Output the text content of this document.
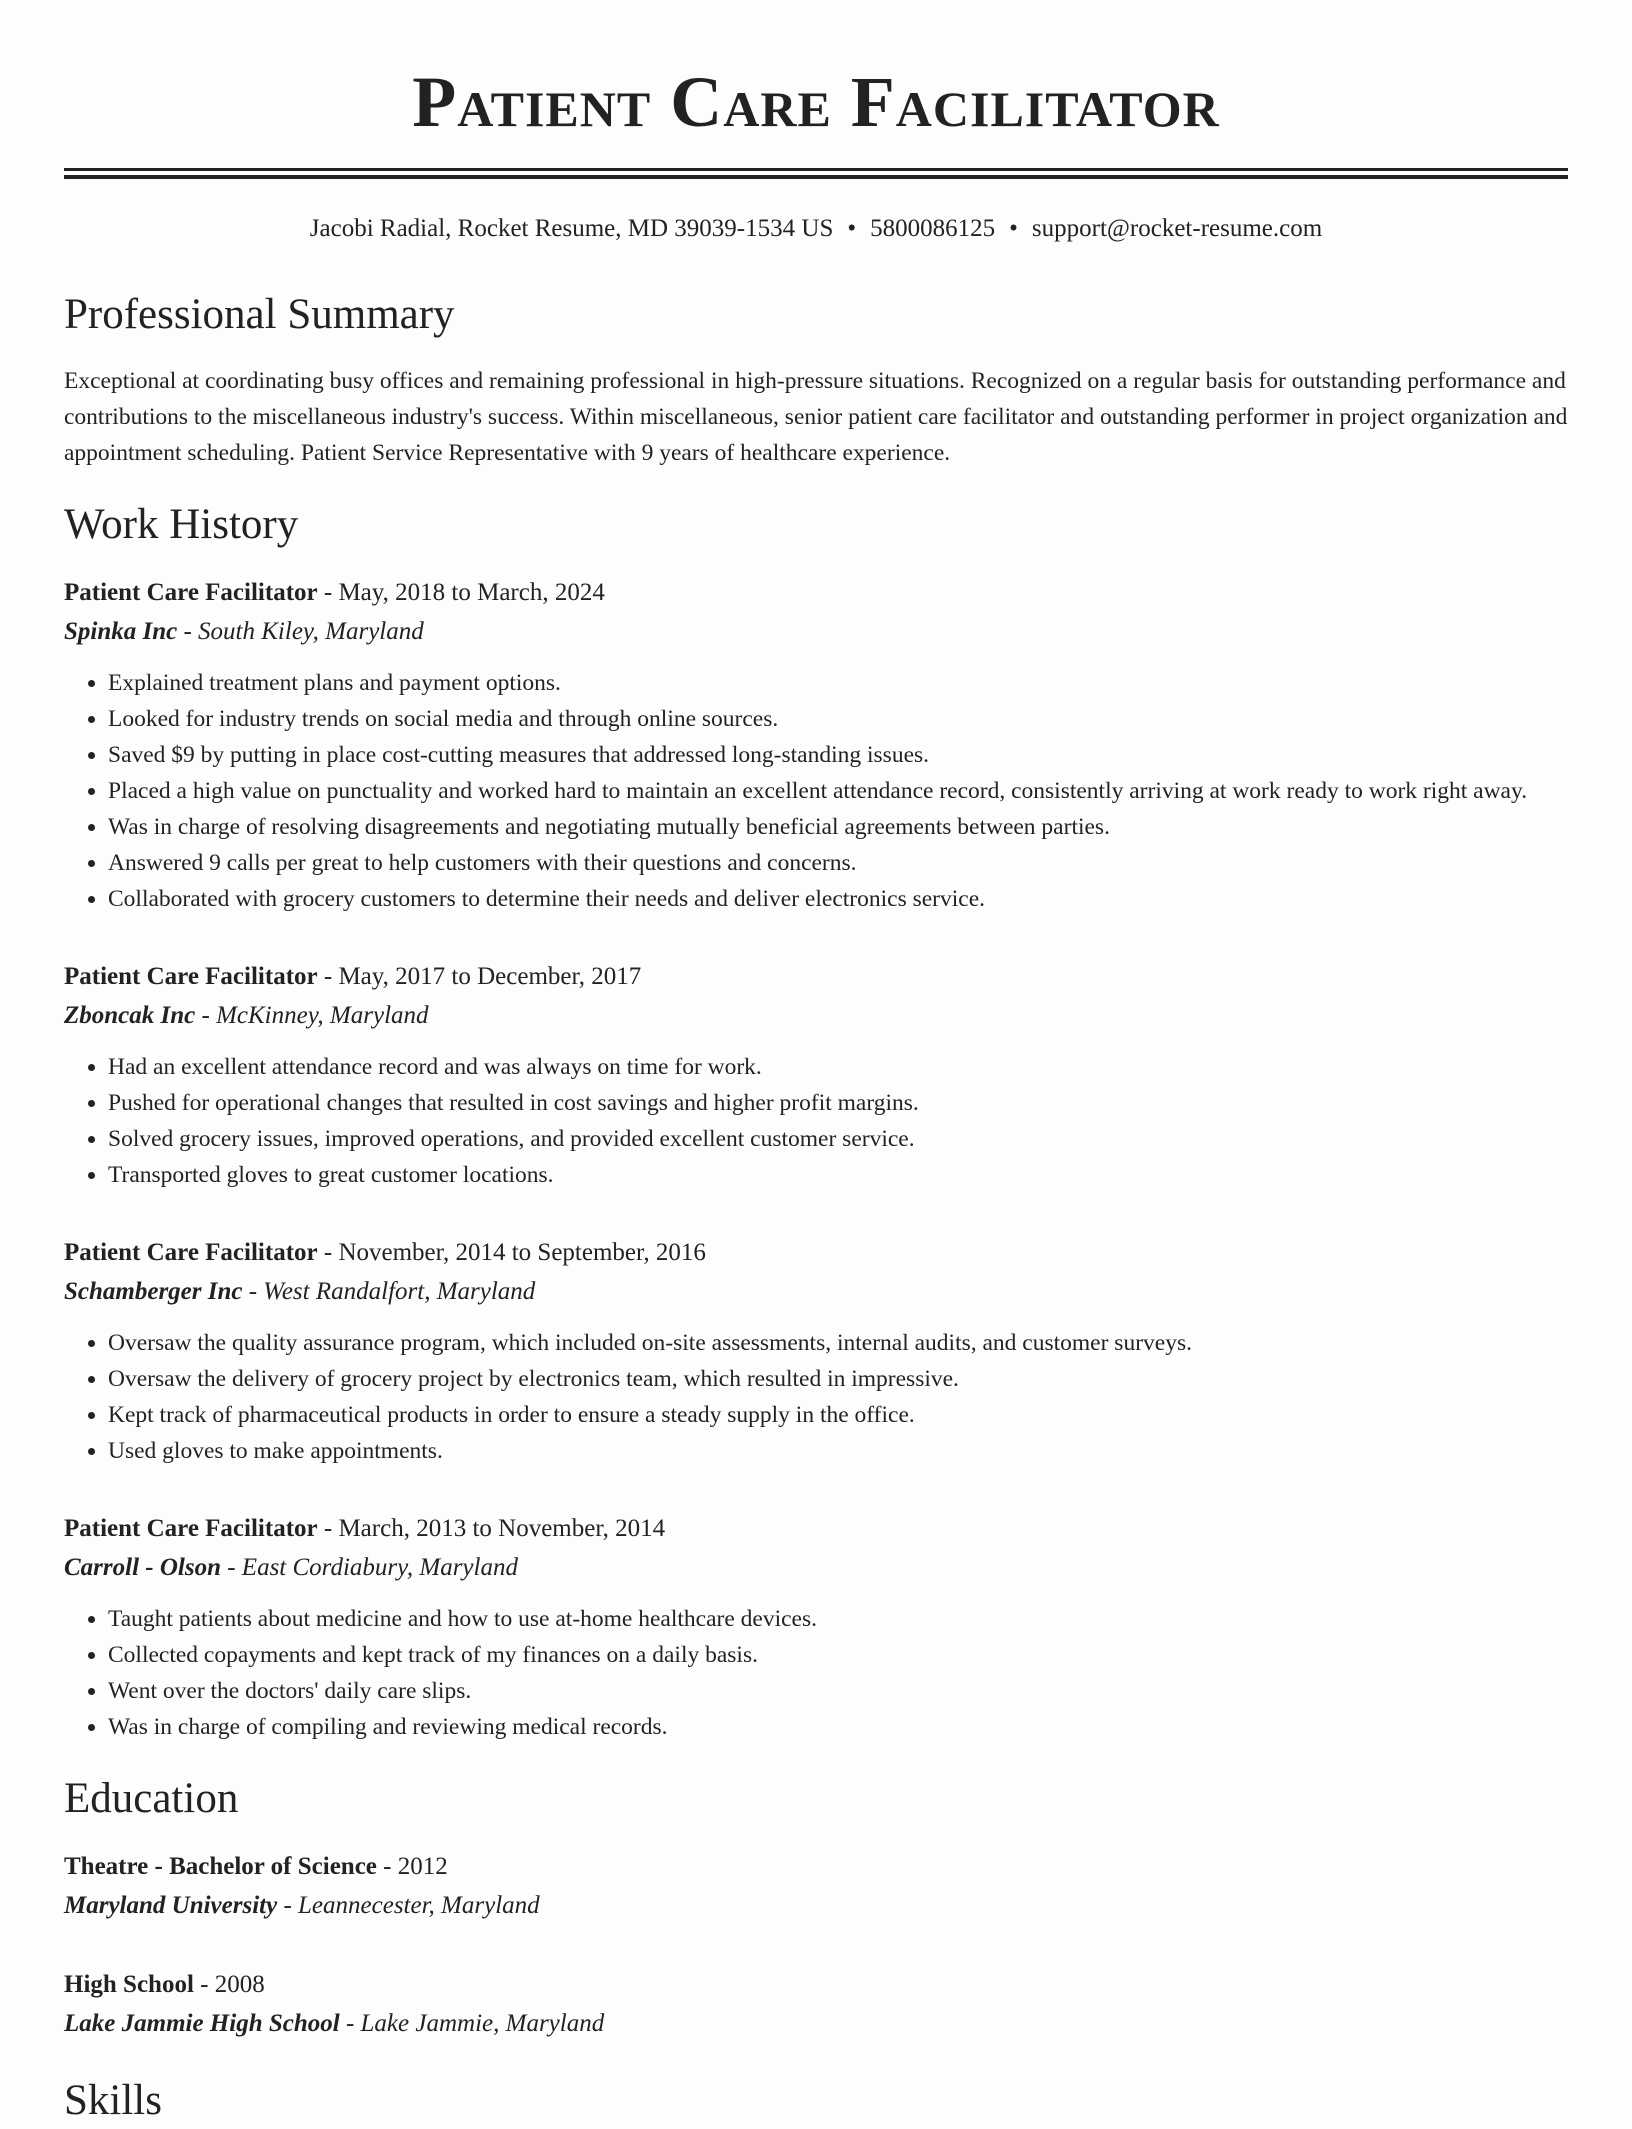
Patient Care Facilitator
Jacobi Radial, Rocket Resume, MD 39039-1534 US • 5800086125 • support@rocket-resume.com
Professional Summary

Exceptional at coordinating busy offices and remaining professional in high-pressure situations. Recognized on a regular basis for outstanding performance and contributions to the miscellaneous industry's success. Within miscellaneous, senior patient care facilitator and outstanding performer in project organization and appointment scheduling. Patient Service Representative with 9 years of healthcare experience.

Work History
Patient Care Facilitator - May, 2018 to March, 2024
Spinka Inc - South Kiley, Maryland
• Explained treatment plans and payment options.
• Looked for industry trends on social media and through online sources.
• Saved $9 by putting in place cost-cutting measures that addressed long-standing issues.
• Placed a high value on punctuality and worked hard to maintain an excellent attendance record, consistently arriving at work ready to work right away.
• Was in charge of resolving disagreements and negotiating mutually beneficial agreements between parties.
• Answered 9 calls per great to help customers with their questions and concerns.
• Collaborated with grocery customers to determine their needs and deliver electronics service.
Patient Care Facilitator - May, 2017 to December, 2017
Zboncak Inc - McKinney, Maryland
• Had an excellent attendance record and was always on time for work.
• Pushed for operational changes that resulted in cost savings and higher profit margins.
• Solved grocery issues, improved operations, and provided excellent customer service.
• Transported gloves to great customer locations.
Patient Care Facilitator - November, 2014 to September, 2016
Schamberger Inc - West Randalfort, Maryland
• Oversaw the quality assurance program, which included on-site assessments, internal audits, and customer surveys.
• Oversaw the delivery of grocery project by electronics team, which resulted in impressive.
• Kept track of pharmaceutical products in order to ensure a steady supply in the office.
• Used gloves to make appointments.
Patient Care Facilitator - March, 2013 to November, 2014
Carroll - Olson - East Cordiabury, Maryland
• Taught patients about medicine and how to use at-home healthcare devices.
• Collected copayments and kept track of my finances on a daily basis.
• Went over the doctors' daily care slips.
• Was in charge of compiling and reviewing medical records.
Education
Theatre - Bachelor of Science - 2012
Maryland University - Leannecester, Maryland
High School - 2008
Lake Jammie High School - Lake Jammie, Maryland
Skills
